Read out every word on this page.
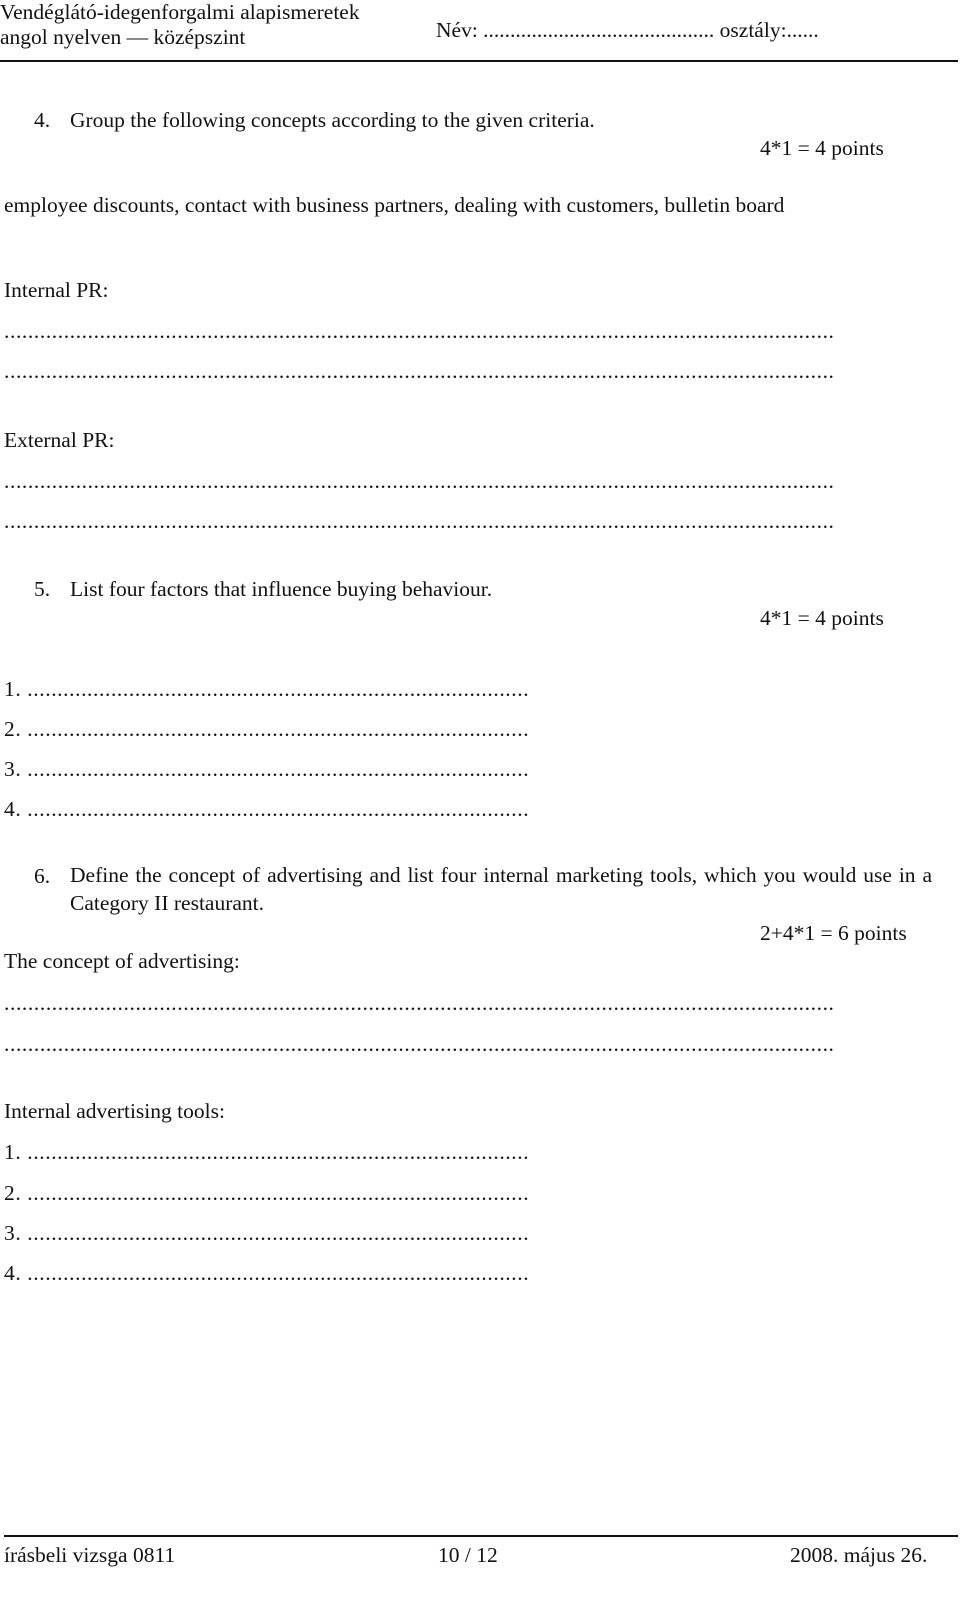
Vendéglátó-idegenforgalmi alapismeretek
angol nyelven — középszint	Név: ........................................... osztály:......
4. Group the following concepts according to the given criteria.
4*1 = 4 points
employee discounts, contact with business partners, dealing with customers, bulletin board
Internal PR:
...........................................................................................................................................
...........................................................................................................................................
External PR:
...........................................................................................................................................
...........................................................................................................................................
5. List four factors that influence buying behaviour.
4*1 = 4 points
1. ....................................................................................
2. ....................................................................................
3. ....................................................................................
4. ....................................................................................
6. Define the concept of advertising and list four internal marketing tools, which you would use in a Category II restaurant.
2+4*1 = 6 points
The concept of advertising:
...........................................................................................................................................
...........................................................................................................................................
Internal advertising tools:
1. ....................................................................................
2. ....................................................................................
3. ....................................................................................
4. ....................................................................................
írásbeli vizsga 0811	10 / 12	2008. május 26.
